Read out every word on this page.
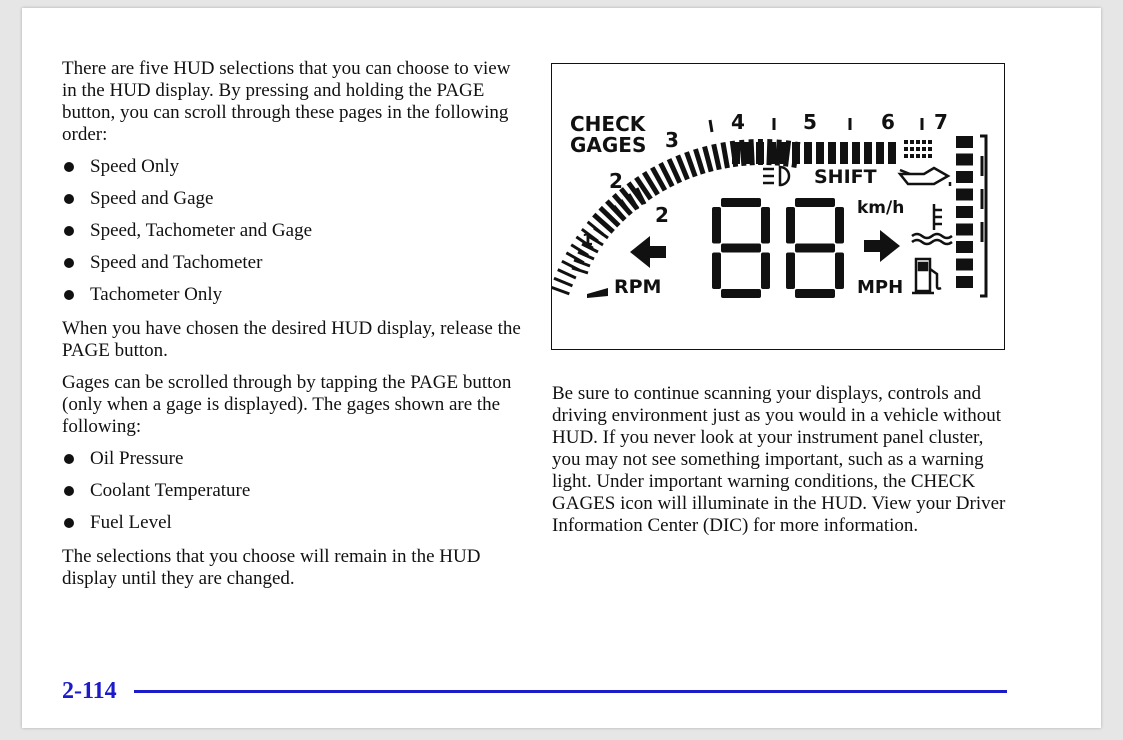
There are five HUD selections that you can choose to view in the HUD display. By pressing and holding the PAGE button, you can scroll through these pages in the following order:

Speed Only
Speed and Gage
Speed, Tachometer and Gage
Speed and Tachometer
Tachometer Only

When you have chosen the desired HUD display, release the PAGE button.

Gages can be scrolled through by tapping the PAGE button (only when a gage is displayed). The gages shown are the following:

Oil Pressure
Coolant Temperature
Fuel Level

The selections that you choose will remain in the HUD display until they are changed.

CHECK
GAGES
1
2
3
4	5	6 7
2
SHIFT
km/h
RPM	MPH

Be sure to continue scanning your displays, controls and driving environment just as you would in a vehicle without HUD. If you never look at your instrument panel cluster, you may not see something important, such as a warning light. Under important warning conditions, the CHECK GAGES icon will illuminate in the HUD. View your Driver Information Center (DIC) for more information.

2-114
